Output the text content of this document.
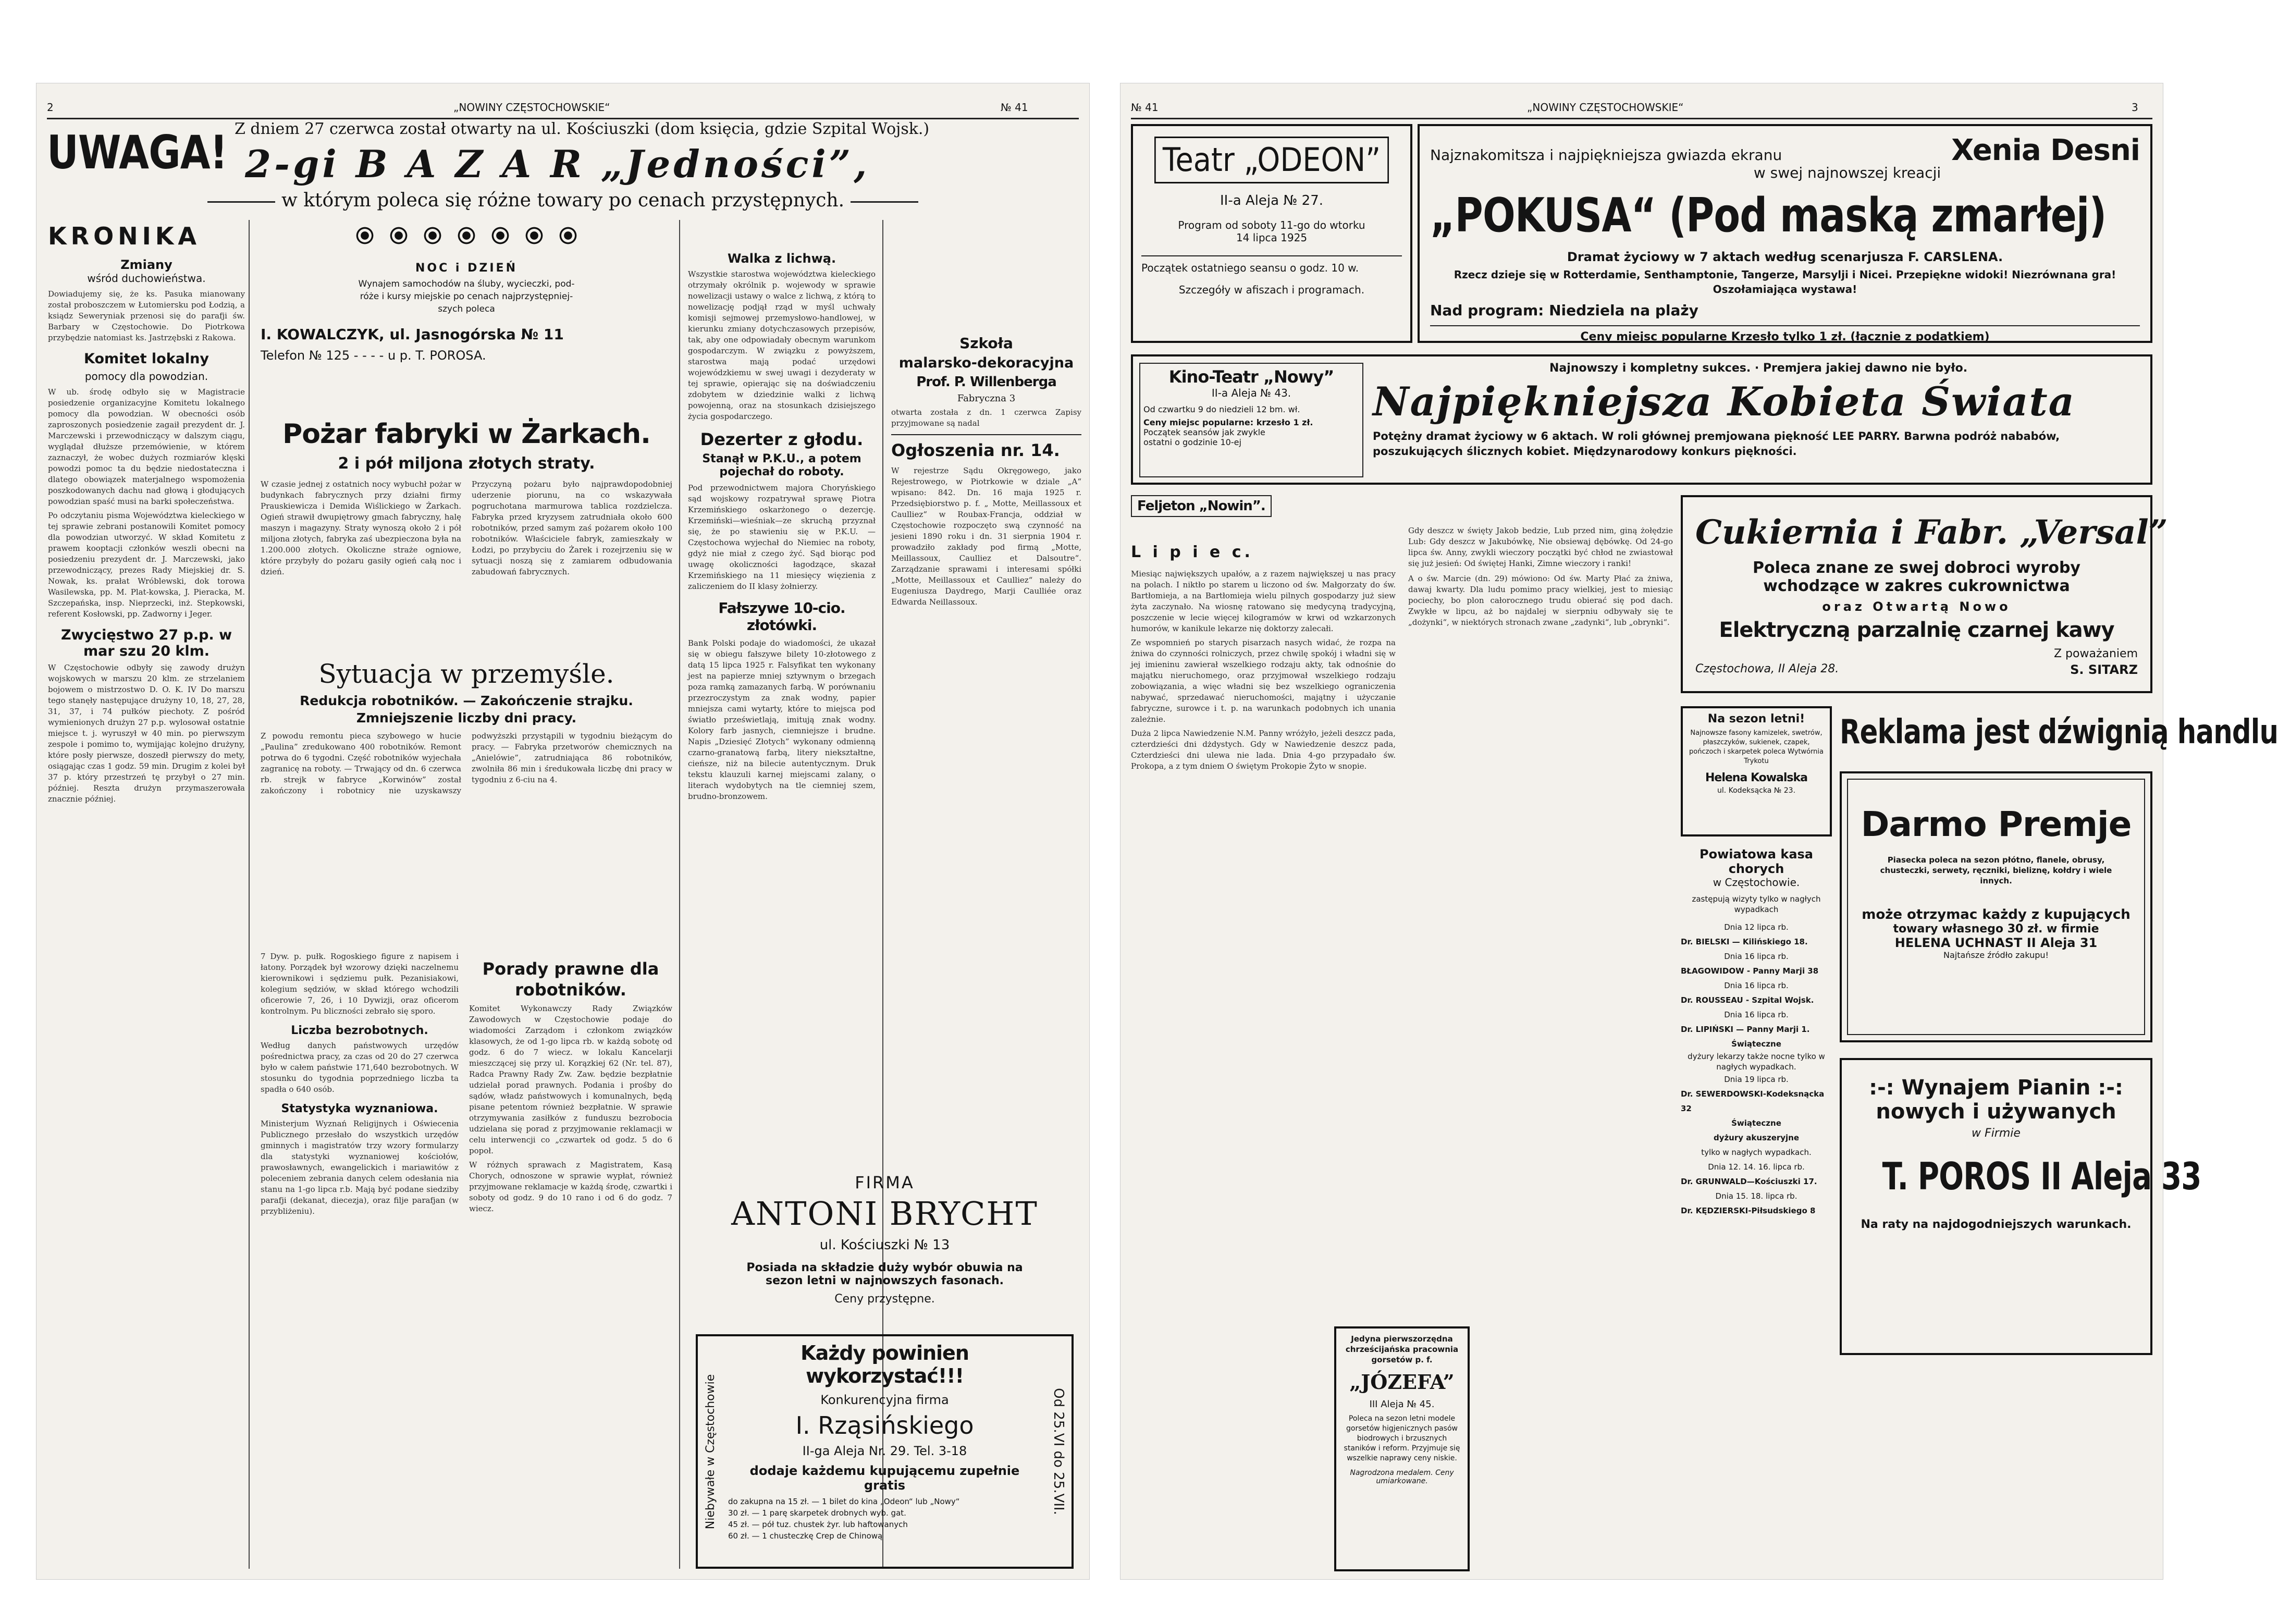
2	„NOWINY CZĘSTOCHOWSKIE“	№ 41
UWAGA! Z dniem 27 czerwca został otwarty na ul. Kościuszki (dom księcia, gdzie Szpital Wojsk.)
2-gi B A Z A R „Jedności”,
w którym poleca się różne towary po cenach przystępnych.
KRONIKA
Zmiany
wśród duchowieństwa.
Dowiadujemy się, że ks. Pasuka mianowany został proboszczem w Łutomiersku pod Łodzią, a ksiądz Seweryniak przenosi się do parafji św. Barbary w Częstochowie. Do Piotrkowa przybędzie natomiast ks. Jastrzębski z Rakowa.
Komitet lokalny
pomocy dla powodzian.
W ub. środę odbyło się w Magistracie posiedzenie organizacyjne Komitetu lokalnego pomocy dla powodzian. W obecności osób zaproszonych posiedzenie zagaił prezydent dr. J. Marczewski i przewodniczący w dalszym ciągu, wyglądał dłuższe przemówienie, w którem zaznaczył, że wobec dużych rozmiarów klęski powodzi pomoc ta du będzie niedostateczna i dlatego obowiązek materjalnego wspomożenia poszkodowanych dachu nad głową i głodujących powodzian spaść musi na barki społeczeństwa.
Po odczytaniu pisma Województwa kieleckiego w tej sprawie zebrani postanowili Komitet pomocy dla powodzian utworzyć. W skład Komitetu z prawem kooptacji członków weszli obecni na posiedzeniu prezydent dr. J. Marczewski, jako przewodniczący, prezes Rady Miejskiej dr. S. Nowak, ks. prałat Wróblewski, dok torowa Wasilewska, pp. M. Plat-kowska, J. Pieracka, M. Szczepańska, insp. Nieprzecki, inż. Stepkowski, referent Kosłowski, pp. Zadworny i Jeger.
Zwycięstwo 27 p.p. w mar szu 20 klm.
W Częstochowie odbyły się zawody drużyn wojskowych w marszu 20 klm. ze strzelaniem bojowem o mistrzostwo D. O. K. IV Do marszu tego stanęły następujące drużyny 10, 18, 27, 28, 31, 37, i 74 pułków piechoty. Z pośród wymienionych drużyn 27 p.p. wylosował ostatnie miejsce t. j. wyruszył w 40 min. po pierwszym zespole i pomimo to, wymijając kolejno drużyny, które posły pierwsze, doszedł pierwszy do mety, osiągając czas 1 godz. 59 min. Drugim z kolei był 37 p. który przestrzeń tę przybył o 27 min. później. Reszta drużyn przymaszerowała znacznie później.

NOC i DZIEŃ
Wynajem samochodów na śluby, wycieczki, pod-
róże i kursy miejskie po cenach najprzystępniej-
szych poleca
I. KOWALCZYK, ul. Jasnogórska № 11
Telefon № 125 - - - - u p. T. POROSA.
Pożar fabryki w Żarkach.
2 i pół miljona złotych straty.
W czasie jednej z ostatnich nocy wybuchł pożar w budynkach fabrycznych przy działni firmy Prauskiewicza i Demida Wiślickiego w Żarkach. Ogień strawił dwupiętrowy gmach fabryczny, halę maszyn i magazyny. Straty wynoszą około 2 i pół miljona złotych, fabryka zaś ubezpieczona była na 1.200.000 złotych. Okoliczne straże ogniowe, które przybyły do pożaru gasiły ogień całą noc i dzień.
Przyczyną pożaru było najprawdopodobniej uderzenie piorunu, na co wskazywała pogruchotana marmurowa tablica rozdzielcza. Fabryka przed kryzysem zatrudniała około 600 robotników, przed samym zaś pożarem około 100 robotników. Właściciele fabryk, zamieszkały w Łodzi, po przybyciu do Żarek i rozejrzeniu się w sytuacji noszą się z zamiarem odbudowania zabudowań fabrycznych.
Sytuacja w przemyśle.
Redukcja robotników. — Zakończenie strajku.
Zmniejszenie liczby dni pracy.
Z powodu remontu pieca szybowego w hucie „Paulina” zredukowano 400 robotników. Remont potrwa do 6 tygodni. Część robotników wyjechała zagranicę na roboty. — Trwający od dn. 6 czerwca rb. strejk w fabryce „Korwinów” został zakończony i robotnicy nie uzyskawszy podwyższki przystąpili w tygodniu bieżącym do pracy. — Fabryka przetworów chemicznych na „Anielówie”, zatrudniająca 86 robotników, zwolniła 86 min i średukowała liczbę dni pracy w tygodniu z 6-ciu na 4.
7 Dyw. p. pułk. Rogoskiego figure z napisem i łatony. Porządek był wzorowy dzięki naczelnemu kierownikowi i sędziemu pułk. Pezanisiakowi, kolegium sędziów, w skład którego wchodzili oficerowie 7, 26, i 10 Dywizji, oraz oficerom kontrolnym. Pu bliczności zebrało się sporo.
Liczba bezrobotnych.
Według danych państwowych urzędów pośrednictwa pracy, za czas od 20 do 27 czerwca było w całem państwie 171,640 bezrobotnych. W stosunku do tygodnia poprzedniego liczba ta spadła o 640 osób.
Statystyka wyznaniowa.
Ministerjum Wyznań Religijnych i Oświecenia Publicznego przesłało do wszystkich urzędów gminnych i magistratów trzy wzory formularzy dla statystyki wyznaniowej kościołów, prawosławnych, ewangelickich i mariawitów z poleceniem zebrania danych celem odesłania nia stanu na 1-go lipca r.b. Mają być podane siedziby parafji (dekanat, diecezja), oraz filje parafjan (w przybliżeniu).
Porady prawne dla robotników.
Komitet Wykonawczy Rady Związków Zawodowych w Częstochowie podaje do wiadomości Zarządom i członkom związków klasowych, że od 1-go lipca rb. w każdą sobotę od godz. 6 do 7 wiecz. w lokalu Kancelarji mieszczącej się przy ul. Korązkiej 62 (Nr. tel. 87), Radca Prawny Rady Zw. Zaw. będzie bezpłatnie udzielał porad prawnych. Podania i prośby do sądów, władz państwowych i komunalnych, będą pisane petentom również bezpłatnie. W sprawie otrzymywania zasiłków z funduszu bezrobocia udzielana się porad z przyjmowanie reklamacji w celu interwencji co „czwartek od godz. 5 do 6 popoł.
W różnych sprawach z Magistratem, Kasą Chorych, odnoszone w sprawie wypłat, również przyjmowane reklamacje w każdą środę, czwartki i soboty od godz. 9 do 10 rano i od 6 do godz. 7 wiecz.
Walka z lichwą.
Wszystkie starostwa województwa kieleckiego otrzymały okrólnik p. wojewody w sprawie nowelizacji ustawy o walce z lichwą, z którą to nowelizację podjął rząd w myśl uchwały komisji sejmowej przemysłowo-handlowej, w kierunku zmiany dotychczasowych przepisów, tak, aby one odpowiadały obecnym warunkom gospodarczym. W związku z powyższem, starostwa mają podać urzędowi wojewódzkiemu w swej uwagi i dezyderaty w tej sprawie, opierając się na doświadczeniu zdobytem w dziedzinie walki z lichwą powojenną, oraz na stosunkach dzisiejszego życia gospodarczego.
Dezerter z głodu.
Stanął w P.K.U., a potem pojechał do roboty.
Pod przewodnictwem majora Choryńskiego sąd wojskowy rozpatrywał sprawę Piotra Krzemińskiego oskarżonego o dezercję. Krzemiński—wieśniak—ze skruchą przyznał się, że po stawieniu się w P.K.U. — Częstochowa wyjechał do Niemiec na roboty, gdyż nie miał z czego żyć. Sąd biorąc pod uwagę okoliczności łagodzące, skazał Krzemińskiego na 11 miesięcy więzienia z zaliczeniem do II klasy żołnierzy.
Fałszywe 10-cio. złotówki.
Bank Polski podaje do wiadomości, że ukazał się w obiegu fałszywe bilety 10-złotowego z datą 15 lipca 1925 r. Falsyfikat ten wykonany jest na papierze mniej sztywnym o brzegach poza ramką zamazanych farbą. W porównaniu przezroczystym za znak wodny, papier mniejsza cami wytarty, które to miejsca pod światło prześwietlają, imitują znak wodny. Kolory farb jasnych, ciemniejsze i brudne. Napis „Dziesięć Złotych” wykonany odmienną czarno-granatową farbą, litery niekształtne, cieńsze, niż na bilecie autentycznym. Druk tekstu klauzuli karnej miejscami zalany, o literach wydobytych na tle ciemniej szem, brudno-bronzowem.
Szkoła
malarsko-dekoracyjna
Prof. P. Willenberga
Fabryczna 3
otwarta została z dn. 1 czerwca Zapisy przyjmowane są nadal
Ogłoszenia nr. 14.
W rejestrze Sądu Okręgowego, jako Rejestrowego, w Piotrkowie w dziale „A“ wpisano: 842. Dn. 16 maja 1925 r. Przedsiębiorstwo p. f. „ Motte, Meillassoux et Caulliez“ w Roubax-Francja, oddział w Częstochowie rozpoczęto swą czynność na jesieni 1890 roku i dn. 31 sierpnia 1904 r. prowadziło zakłady pod firmą „Motte, Meillassoux, Caulliez et Dalsoutre“. Zarządzanie sprawami i interesami spółki „Motte, Meillassoux et Caulliez“ należy do Eugeniusza Daydrego, Marji Caulliée oraz Edwarda Neillassoux.
FIRMA
ANTONI BRYCHT
ul. Kościuszki № 13
Posiada na składzie duży wybór obuwia na
sezon letni w najnowszych fasonach.
Ceny przystępne.
Niebywałe w Częstochowie	Od 25.VI do 25.VII.
Każdy powinien wykorzystać!!!
Konkurencyjna firma
I. Rząsińskiego
II-ga Aleja Nr. 29. Tel. 3-18
dodaje każdemu kupującemu zupełnie gratis
do zakupna na 15 zł. — 1 bilet do kina „Odeon“ lub „Nowy“
30 zł. — 1 parę skarpetek drobnych wyb. gat.
45 zł. — pół tuz. chustek żyr. lub haftowanych
60 zł. — 1 chusteczkę Crep de Chinową
№ 41	„NOWINY CZĘSTOCHOWSKIE“	3
Teatr „ODEON”
II-a Aleja № 27.
Program od soboty 11-go do wtorku
14 lipca 1925
Początek ostatniego seansu o godz. 10 w.
Szczegóły w afiszach i programach.
Najznakomitsza i najpiękniejsza gwiazda ekranu
w swej najnowszej kreacji
Xenia Desni
„POKUSA“ (Pod maską zmarłej)
Dramat życiowy w 7 aktach według scenarjusza F. CARSLENA.
Rzecz dzieje się w Rotterdamie, Senthamptonie, Tangerze, Marsylji i Nicei. Przepiękne widoki! Niezrównana gra! Oszołamiająca wystawa!
Nad program: Niedziela na plaży
Ceny miejsc popularne Krzesło tylko 1 zł. (łącznie z podatkiem)
Kino-Teatr „Nowy”
II-a Aleja № 43.
Od czwartku 9 do niedzieli 12 bm. wł.
Ceny miejsc popularne: krzesło 1 zł.
Początek seansów jak zwykle
ostatni o godzinie 10-ej
Najnowszy i kompletny sukces. · Premjera jakiej dawno nie było.
Najpiękniejsza Kobieta Świata
Potężny dramat życiowy w 6 aktach. W roli głównej premjowana piękność LEE PARRY. Barwna podróż nababów, poszukujących ślicznych kobiet. Międzynarodowy konkurs piękności.
Feljeton „Nowin”.
L i p i e c.
Miesiąc największych upałów, a z razem największej u nas pracy na polach. I niktło po starem u liczono od św. Małgorzaty do św. Bartłomieja, a na Bartłomieja wielu pilnych gospodarzy już siew żyta zaczynało. Na wiosnę ratowano się medycyną tradycyjną, poszczenie w lecie więcej kilogramów w krwi od wzkarzonych humorów, w kanikule lekarze nię doktorzy zalecałi.
Ze wspomnień po starych pisarzach nasych widać, że rozpa na żniwa do czynności rolniczych, przez chwilę spokój i władni się w jej imieninu zawierał wszelkiego rodzaju akty, tak odnośnie do majątku nieruchomego, oraz przyjmował wszelkiego rodzaju zobowiązania, a więc władni się bez wszelkiego ograniczenia nabywać, sprzedawać nieruchomości, majątny i użyczanie fabryczne, surowce i t. p. na warunkach podobnych ich unania zależnie.
Duża 2 lipca Nawiedzenie N.M. Panny wróżyło, jeżeli deszcz pada, czterdzieści dni dżdystych. Gdy w Nawiedzenie deszcz pada, Czterdzieści dni ulewa nie lada. Dnia 4-go przypadało św. Prokopa, a z tym dniem O świętym Prokopie Żyto w snopie.
Gdy deszcz w święty Jakob bedzie, Lub przed nim, giną żołędzie Lub: Gdy deszcz w Jakubówkę, Nie obsiewaj dębówkę. Od 24-go lipca św. Anny, zwykli wieczory początki być chłod ne zwiastował się już jesień: Od świętej Hanki, Zimne wieczory i ranki!
A o św. Marcie (dn. 29) mówiono: Od św. Marty Płać za żniwa, dawaj kwarty. Dla ludu pomimo pracy wielkiej, jest to miesiąc pociechy, bo plon całorocznego trudu obierać się pod dach. Zwykłe w lipcu, aż bo najdalej w sierpniu odbywały się te „dożynki“, w niektórych stronach zwane „zadynki“, lub „obrynki“.
Jedyna pierwszorzędna chrześcijańska pracownia gorsetów p. f.
„JÓZEFA”
III Aleja № 45.
Poleca na sezon letni modele gorsetów higjenicznych pasów biodrowych i brzusznych staników i reform. Przyjmuje się wszelkie naprawy ceny niskie.
Nagrodzona medalem. Ceny umiarkowane.
Cukiernia i Fabr. „Versal”
Poleca znane ze swej dobroci wyroby
wchodzące w zakres cukrownictwa
oraz Otwartą Nowo
Elektryczną parzalnię czarnej kawy
Z poważaniem
Częstochowa, II Aleja 28.	S. SITARZ
Reklama jest dźwignią handlu
Na sezon letni!
Najnowsze fasony kamizelek, swetrów, płaszczyków, sukienek, czapek, pończoch i skarpetek poleca Wytwórnia Trykotu
Helena Kowalska
ul. Kodeksącka № 23.
Darmo Premje
Piasecka poleca na sezon płótno, flanele, obrusy, chusteczki, serwety, ręczniki, bieliznę, kołdry i wiele innych.
może otrzymac każdy z kupujących
towary własnego 30 zł. w firmie
HELENA UCHNAST II Aleja 31
Najtańsze źródło zakupu!
Powiatowa kasa chorych
w Częstochowie.
zastępują wizyty tylko w nagłych wypadkach
Dnia 12 lipca rb.
Dr. BIELSKI — Kilińskiego 18.
Dnia 16 lipca rb.
BŁAGOWIDOW - Panny Marji 38
Dnia 16 lipca rb.
Dr. ROUSSEAU - Szpital Wojsk.
Dnia 16 lipca rb.
Dr. LIPIŃSKI — Panny Marji 1.
Świąteczne
dyżury lekarzy także nocne tylko w nagłych wypadkach.
Dnia 19 lipca rb.
Dr. SEWERDOWSKI-Kodeksnącka 32
Świąteczne
dyżury akuszeryjne
tylko w nagłych wypadkach.
Dnia 12. 14. 16. lipca rb.
Dr. GRUNWALD—Kościuszki 17.
Dnia 15. 18. lipca rb.
Dr. KĘDZIERSKI-Piłsudskiego 8
:-: Wynajem Pianin :-:
nowych i używanych
w Firmie
T. POROS II Aleja 33
Na raty na najdogodniejszych warunkach.
